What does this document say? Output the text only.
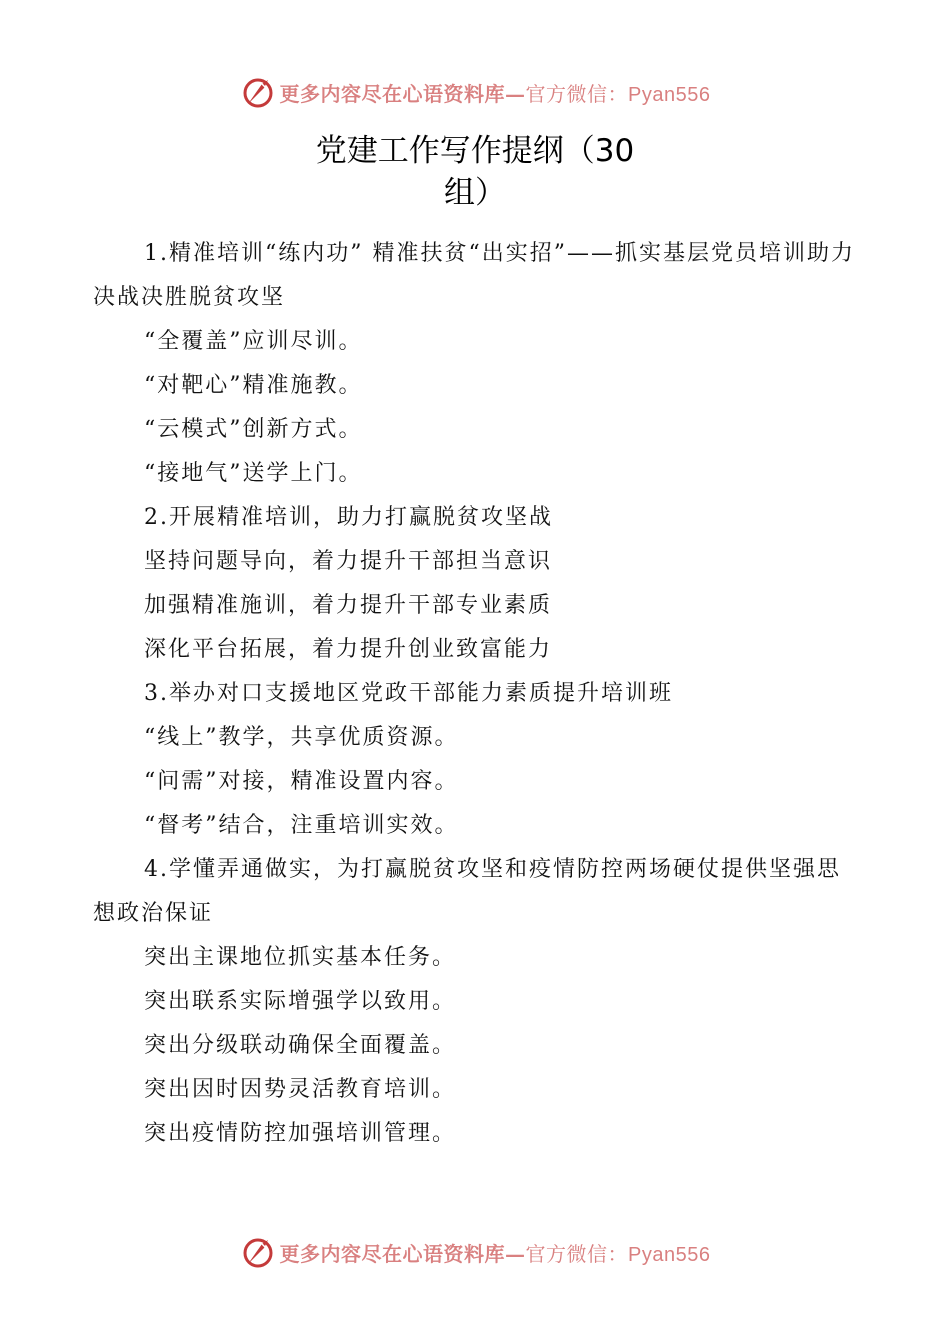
更多内容尽在心语资料库—官方微信：Pyan556
党建工作写作提纲（30
组）

1.精准培训“练内功” 精准扶贫“出实招”——抓实基层党员培训助力决战决胜脱贫攻坚

“全覆盖”应训尽训。

“对靶心”精准施教。

“云模式”创新方式。

“接地气”送学上门。

2.开展精准培训，助力打赢脱贫攻坚战

坚持问题导向，着力提升干部担当意识

加强精准施训，着力提升干部专业素质

深化平台拓展，着力提升创业致富能力

3.举办对口支援地区党政干部能力素质提升培训班

“线上”教学，共享优质资源。

“问需”对接，精准设置内容。

“督考”结合，注重培训实效。

4.学懂弄通做实，为打赢脱贫攻坚和疫情防控两场硬仗提供坚强思想政治保证

突出主课地位抓实基本任务。

突出联系实际增强学以致用。

突出分级联动确保全面覆盖。

突出因时因势灵活教育培训。

突出疫情防控加强培训管理。

更多内容尽在心语资料库—官方微信：Pyan556
